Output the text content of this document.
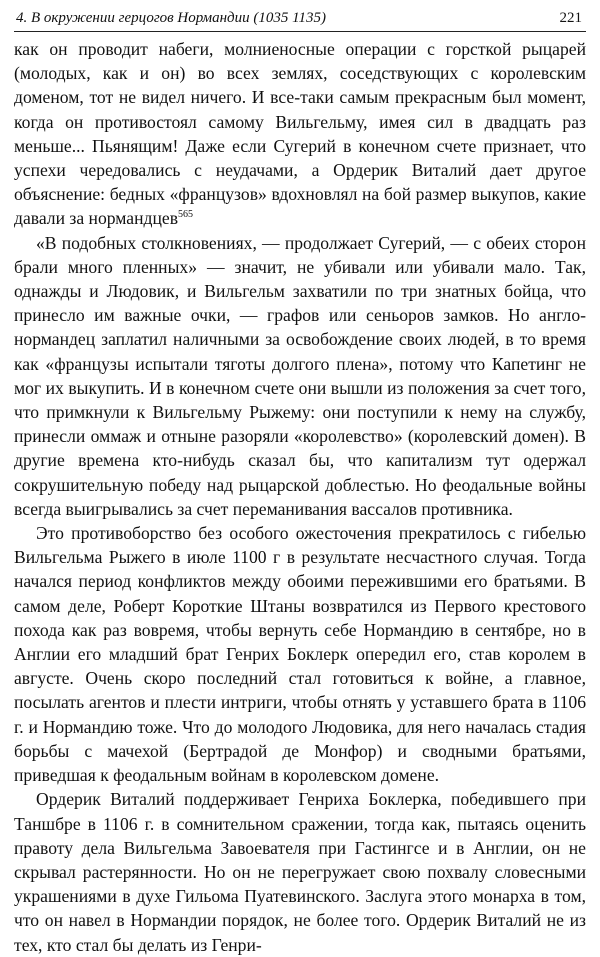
4. В окружении герцогов Нормандии (1035 1135)	221

как он проводит набеги, молниеносные операции с горсткой рыцарей (молодых, как и он) во всех землях, соседствующих с королевским доменом, тот не видел ничего. И все-таки самым прекрасным был момент, когда он противостоял самому Вильгельму, имея сил в двадцать раз меньше... Пьянящим! Даже если Сугерий в конечном счете признает, что успехи чередовались с неудачами, а Ордерик Виталий дает другое объяснение: бедных «французов» вдохновлял на бой размер выкупов, какие давали за нормандцев$^{565}$

«В подобных столкновениях, — продолжает Сугерий, — с обеих сторон брали много пленных» — значит, не убивали или убивали мало. Так, однажды и Людовик, и Вильгельм захватили по три знатных бойца, что принесло им важные очки, — графов или сеньоров замков. Но англо-нормандец заплатил наличными за освобождение своих людей, в то время как «французы испытали тяготы долгого плена», потому что Капетинг не мог их выкупить. И в конечном счете они вышли из положения за счет того, что примкнули к Вильгельму Рыжему: они поступили к нему на службу, принесли оммаж и отныне разоряли «королевство» (королевский домен). В другие времена кто-нибудь сказал бы, что капитализм тут одержал сокрушительную победу над рыцарской доблестью. Но феодальные войны всегда выигрывались за счет переманивания вассалов противника.

Это противоборство без особого ожесточения прекратилось с гибелью Вильгельма Рыжего в июле 1100 г в результате несчастного случая. Тогда начался период конфликтов между обоими пережившими его братьями. В самом деле, Роберт Короткие Штаны возвратился из Первого крестового похода как раз вовремя, чтобы вернуть себе Нормандию в сентябре, но в Англии его младший брат Генрих Боклерк опередил его, став королем в августе. Очень скоро последний стал готовиться к войне, а главное, посылать агентов и плести интриги, чтобы отнять у уставшего брата в 1106 г. и Нормандию тоже. Что до молодого Людовика, для него началась стадия борьбы с мачехой (Бертрадой де Монфор) и сводными братьями, приведшая к феодальным войнам в королевском домене.

Ордерик Виталий поддерживает Генриха Боклерка, победившего при Таншбре в 1106 г. в сомнительном сражении, тогда как, пытаясь оценить правоту дела Вильгельма Завоевателя при Гастингсе и в Англии, он не скрывал растерянности. Но он не перегружает свою похвалу словесными украшениями в духе Гильома Пуатевинского. Заслуга этого монарха в том, что он навел в Нормандии порядок, не более того. Ордерик Виталий не из тех, кто стал бы делать из Генри-
